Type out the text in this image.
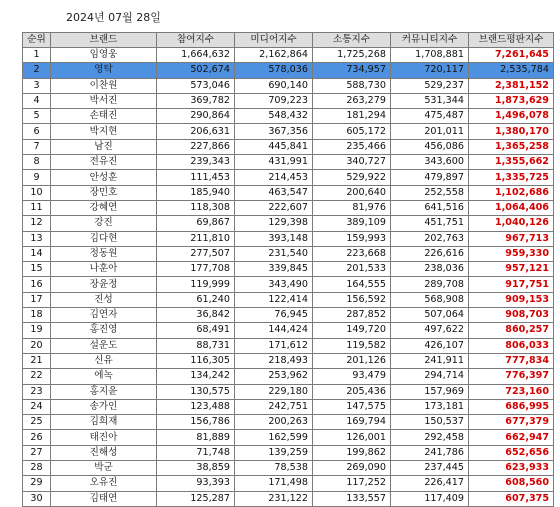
2024년 07월 28일
순위	브랜드	참여지수	미디어지수	소통지수	커뮤니티지수	브랜드평판지수
1	임영웅	1,664,632	2,162,864	1,725,268	1,708,881	7,261,645
2	영탁	502,674	578,036	734,957	720,117	2,535,784
3	이찬원	573,046	690,140	588,730	529,237	2,381,152
4	박서진	369,782	709,223	263,279	531,344	1,873,629
5	손태진	290,864	548,432	181,294	475,487	1,496,078
6	박지현	206,631	367,356	605,172	201,011	1,380,170
7	남진	227,866	445,841	235,466	456,086	1,365,258
8	전유진	239,343	431,991	340,727	343,600	1,355,662
9	안성훈	111,453	214,453	529,922	479,897	1,335,725
10	장민호	185,940	463,547	200,640	252,558	1,102,686
11	강혜연	118,308	222,607	81,976	641,516	1,064,406
12	강진	69,867	129,398	389,109	451,751	1,040,126
13	김다현	211,810	393,148	159,993	202,763	967,713
14	정동원	277,507	231,540	223,668	226,616	959,330
15	나훈아	177,708	339,845	201,533	238,036	957,121
16	장윤정	119,999	343,490	164,555	289,708	917,751
17	진성	61,240	122,414	156,592	568,908	909,153
18	김연자	36,842	76,945	287,852	507,064	908,703
19	홍진영	68,491	144,424	149,720	497,622	860,257
20	설운도	88,731	171,612	119,582	426,107	806,033
21	신유	116,305	218,493	201,126	241,911	777,834
22	에녹	134,242	253,962	93,479	294,714	776,397
23	홍지윤	130,575	229,180	205,436	157,969	723,160
24	송가인	123,488	242,751	147,575	173,181	686,995
25	김희재	156,786	200,263	169,794	150,537	677,379
26	태진아	81,889	162,599	126,001	292,458	662,947
27	진해성	71,748	139,259	199,862	241,786	652,656
28	박군	38,859	78,538	269,090	237,445	623,933
29	오유진	93,393	171,498	117,252	226,417	608,560
30	김태연	125,287	231,122	133,557	117,409	607,375
